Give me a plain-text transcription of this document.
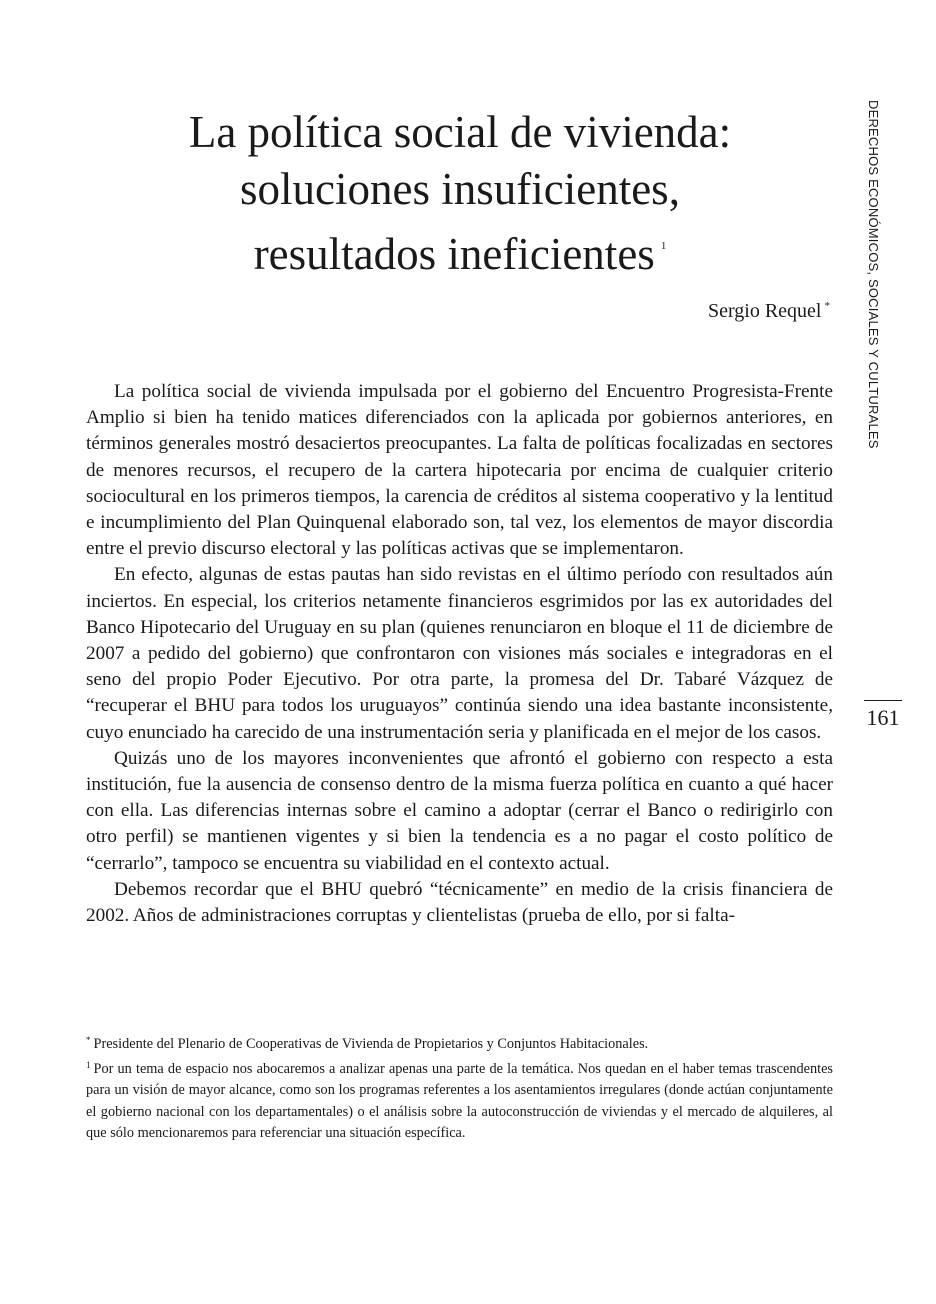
La política social de vivienda:
soluciones insuficientes,
resultados ineficientes $^1$
Sergio Requel *

La política social de vivienda impulsada por el gobierno del Encuentro Progresista-Frente Amplio si bien ha tenido matices diferenciados con la aplicada por gobiernos anteriores, en términos generales mostró desaciertos preocupantes. La falta de políticas focalizadas en sectores de menores recursos, el recupero de la cartera hipotecaria por encima de cualquier criterio sociocultural en los primeros tiempos, la carencia de créditos al sistema cooperativo y la lentitud e incumplimiento del Plan Quinquenal elaborado son, tal vez, los elementos de mayor discordia entre el previo discurso electoral y las políticas activas que se implementaron.

En efecto, algunas de estas pautas han sido revistas en el último período con resultados aún inciertos. En especial, los criterios netamente financieros esgrimidos por las ex autoridades del Banco Hipotecario del Uruguay en su plan (quienes renunciaron en bloque el 11 de diciembre de 2007 a pedido del gobierno) que confrontaron con visiones más sociales e integradoras en el seno del propio Poder Ejecutivo. Por otra parte, la promesa del Dr. Tabaré Vázquez de “recuperar el BHU para todos los uruguayos” continúa siendo una idea bastante inconsistente, cuyo enunciado ha carecido de una instrumentación seria y planificada en el mejor de los casos.

Quizás uno de los mayores inconvenientes que afrontó el gobierno con respecto a esta institución, fue la ausencia de consenso dentro de la misma fuerza política en cuanto a qué hacer con ella. Las diferencias internas sobre el camino a adoptar (cerrar el Banco o redirigirlo con otro perfil) se mantienen vigentes y si bien la tendencia es a no pagar el costo político de “cerrarlo”, tampoco se encuentra su viabilidad en el contexto actual.

Debemos recordar que el BHU quebró “técnicamente” en medio de la crisis financiera de 2002. Años de administraciones corruptas y clientelistas (prueba de ello, por si falta-

* Presidente del Plenario de Cooperativas de Vivienda de Propietarios y Conjuntos Habitacionales.

$^1$ Por un tema de espacio nos abocaremos a analizar apenas una parte de la temática. Nos quedan en el haber temas trascendentes para un visión de mayor alcance, como son los programas referentes a los asentamientos irregulares (donde actúan conjuntamente el gobierno nacional con los departamentales) o el análisis sobre la autoconstrucción de viviendas y el mercado de alquileres, al que sólo mencionaremos para referenciar una situación específica.

DERECHOS ECONÓMICOS, SOCIALES Y CULTURALES
161
